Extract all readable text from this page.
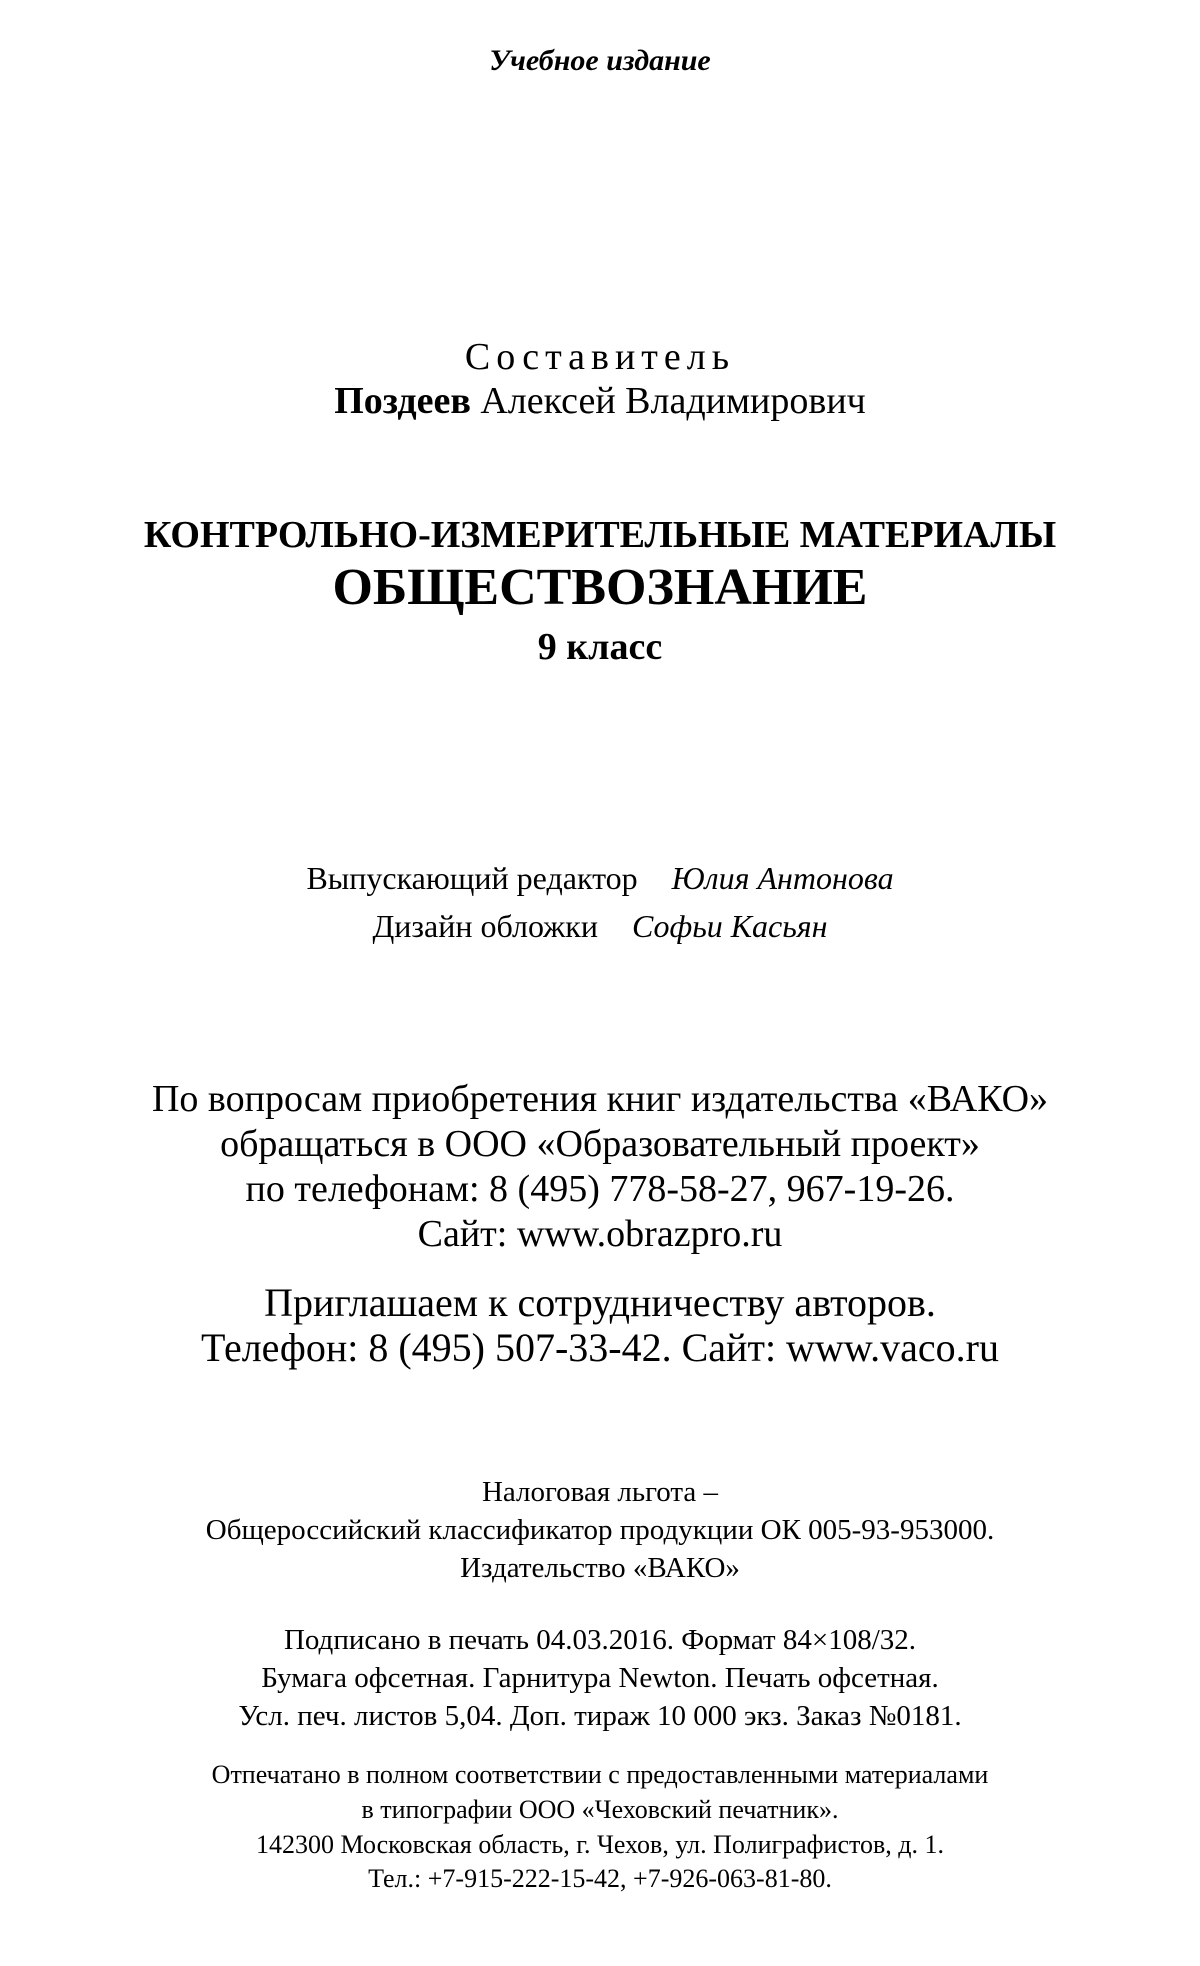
Учебное издание
Составитель
Поздеев Алексей Владимирович
КОНТРОЛЬНО-ИЗМЕРИТЕЛЬНЫЕ МАТЕРИАЛЫ
ОБЩЕСТВОЗНАНИЕ
9 класс
Выпускающий редактор Юлия Антонова
Дизайн обложки Софьи Касьян
По вопросам приобретения книг издательства «ВАКО»
обращаться в ООО «Образовательный проект»
по телефонам: 8 (495) 778-58-27, 967-19-26.
Сайт: www.obrazpro.ru
Приглашаем к сотрудничеству авторов.
Телефон: 8 (495) 507-33-42. Сайт: www.vaco.ru
Налоговая льгота –
Общероссийский классификатор продукции ОК 005-93-953000.
Издательство «ВАКО»
Подписано в печать 04.03.2016. Формат 84×108/32.
Бумага офсетная. Гарнитура Newton. Печать офсетная.
Усл. печ. листов 5,04. Доп. тираж 10 000 экз. Заказ №0181.
Отпечатано в полном соответствии с предоставленными материалами
в типографии ООО «Чеховский печатник».
142300 Московская область, г. Чехов, ул. Полиграфистов, д. 1.
Тел.: +7-915-222-15-42, +7-926-063-81-80.
